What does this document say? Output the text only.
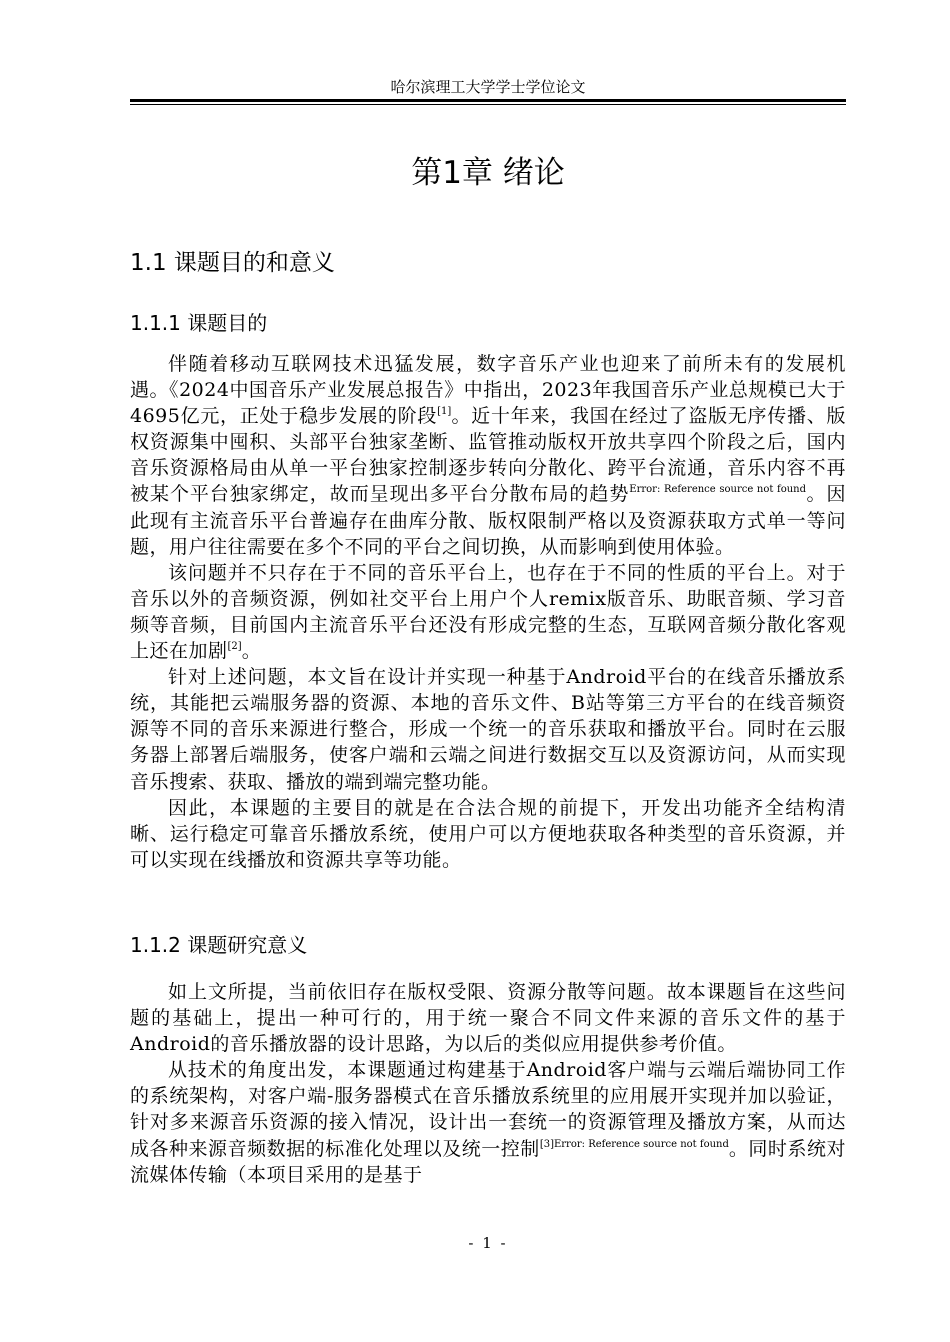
哈尔滨理工大学学士学位论文
第1章 绪论
1.1 课题目的和意义
1.1.1 课题目的

伴随着移动互联网技术迅猛发展，数字音乐产业也迎来了前所未有的发展机遇。《2024中国音乐产业发展总报告》中指出，2023年我国音乐产业总规模已大于4695亿元，正处于稳步发展的阶段[1]。近十年来，我国在经过了盗版无序传播、版权资源集中囤积、头部平台独家垄断、监管推动版权开放共享四个阶段之后，国内音乐资源格局由从单一平台独家控制逐步转向分散化、跨平台流通，音乐内容不再被某个平台独家绑定，故而呈现出多平台分散布局的趋势$^{Error: Reference source not found}$。因此现有主流音乐平台普遍存在曲库分散、版权限制严格以及资源获取方式单一等问题，用户往往需要在多个不同的平台之间切换，从而影响到使用体验。

该问题并不只存在于不同的音乐平台上，也存在于不同的性质的平台上。对于音乐以外的音频资源，例如社交平台上用户个人remix版音乐、助眠音频、学习音频等音频，目前国内主流音乐平台还没有形成完整的生态，互联网音频分散化客观上还在加剧[2]。

针对上述问题，本文旨在设计并实现一种基于Android平台的在线音乐播放系统，其能把云端服务器的资源、本地的音乐文件、B站等第三方平台的在线音频资源等不同的音乐来源进行整合，形成一个统一的音乐获取和播放平台。同时在云服务器上部署后端服务，使客户端和云端之间进行数据交互以及资源访问，从而实现音乐搜索、获取、播放的端到端完整功能。

因此，本课题的主要目的就是在合法合规的前提下，开发出功能齐全结构清晰、运行稳定可靠音乐播放系统，使用户可以方便地获取各种类型的音乐资源，并可以实现在线播放和资源共享等功能。

1.1.2 课题研究意义

如上文所提，当前依旧存在版权受限、资源分散等问题。故本课题旨在这些问题的基础上，提出一种可行的，用于统一聚合不同文件来源的音乐文件的基于Android的音乐播放器的设计思路，为以后的类似应用提供参考价值。

从技术的角度出发，本课题通过构建基于Android客户端与云端后端协同工作的系统架构，对客户端-服务器模式在音乐播放系统里的应用展开实现并加以验证，针对多来源音乐资源的接入情况，设计出一套统一的资源管理及播放方案，从而达成各种来源音频数据的标准化处理以及统一控制$^{[3]Error: Reference source not found}$。同时系统对流媒体传输（本项目采用的是基于

- 1 -
